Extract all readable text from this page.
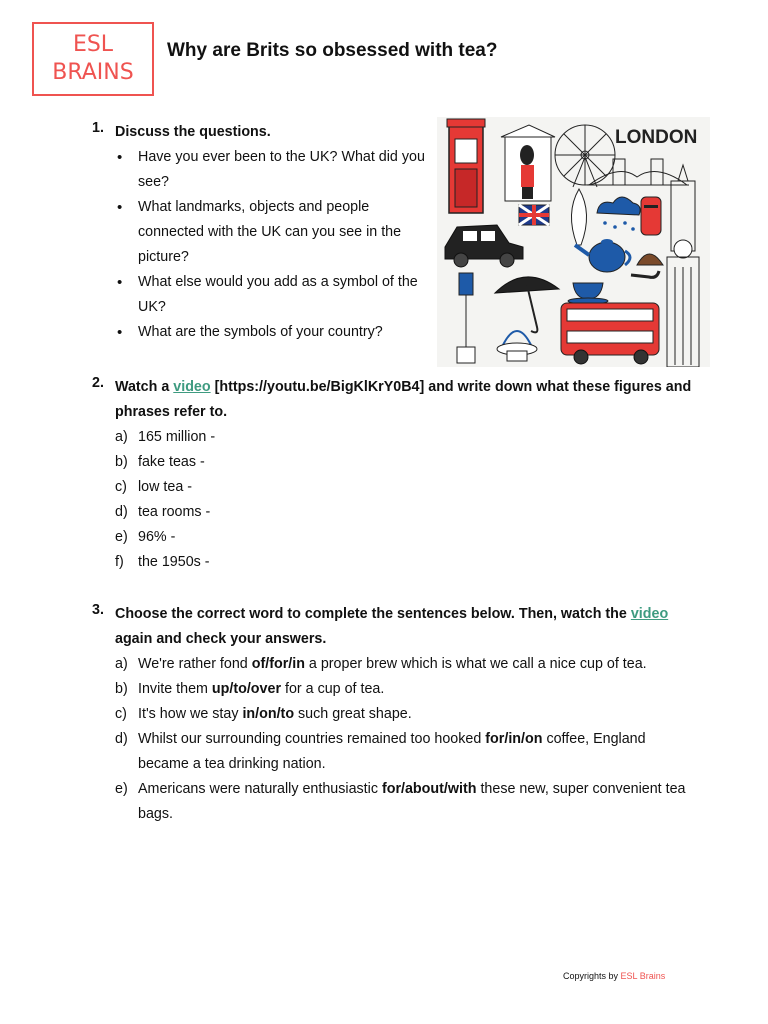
ESL
BRAINS
Why are Brits so obsessed with tea?
1. Discuss the questions.
• Have you ever been to the UK? What did you see?
• What landmarks, objects and people connected with the UK can you see in the picture?
• What else would you add as a symbol of the UK?
• What are the symbols of your country?
LONDON
2. Watch a video [https://youtu.be/BigKlKrY0B4] and write down what these figures and phrases refer to.
a) 165 million -
b) fake teas -
c) low tea -
d) tea rooms -
e) 96% -
f) the 1950s -
3. Choose the correct word to complete the sentences below. Then, watch the video again and check your answers.
a) We're rather fond of/for/in a proper brew which is what we call a nice cup of tea.
b) Invite them up/to/over for a cup of tea.
c) It's how we stay in/on/to such great shape.
d) Whilst our surrounding countries remained too hooked for/in/on coffee, England became a tea drinking nation.
e) Americans were naturally enthusiastic for/about/with these new, super convenient tea bags.
Copyrights by ESL Brains
